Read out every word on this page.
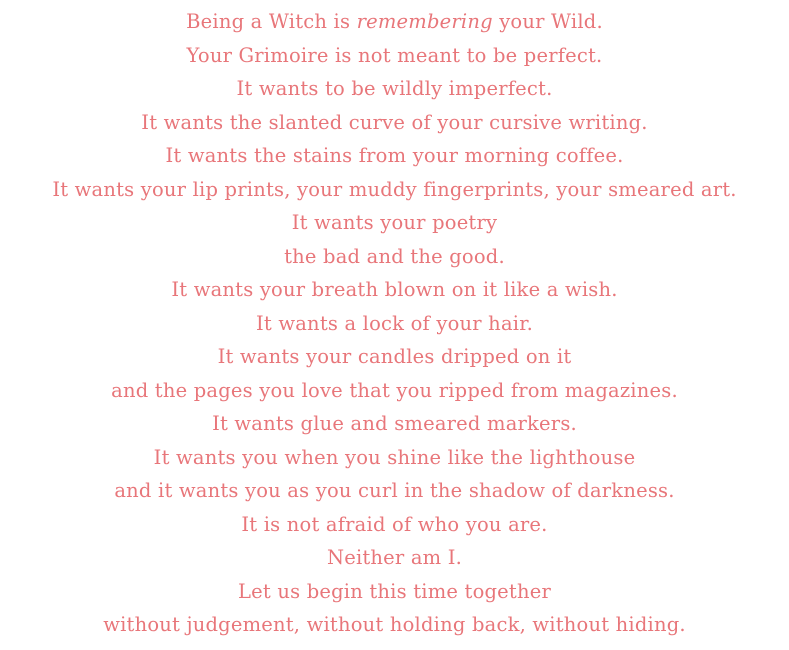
Being a Witch is remembering your Wild.
Your Grimoire is not meant to be perfect.
It wants to be wildly imperfect.
It wants the slanted curve of your cursive writing.
It wants the stains from your morning coffee.
It wants your lip prints, your muddy fingerprints, your smeared art.
It wants your poetry
the bad and the good.
It wants your breath blown on it like a wish.
It wants a lock of your hair.
It wants your candles dripped on it
and the pages you love that you ripped from magazines.
It wants glue and smeared markers.
It wants you when you shine like the lighthouse
and it wants you as you curl in the shadow of darkness.
It is not afraid of who you are.
Neither am I.
Let us begin this time together
without judgement, without holding back, without hiding.
